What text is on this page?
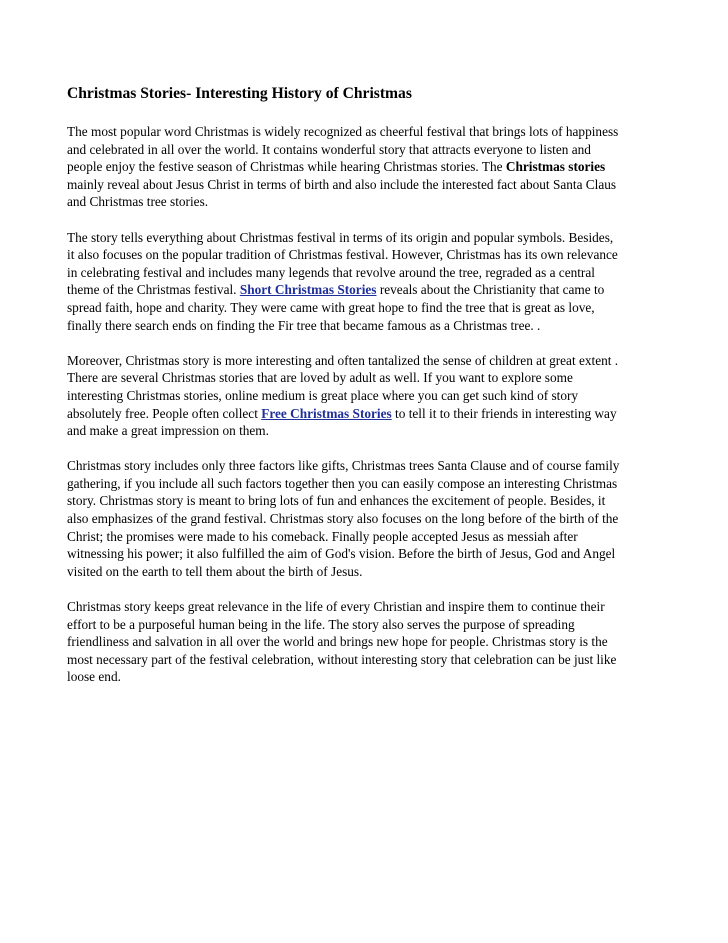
Christmas Stories- Interesting History of Christmas

The most popular word Christmas is widely recognized as cheerful festival that brings lots of happiness
and celebrated in all over the world. It contains wonderful story that attracts everyone to listen and
people enjoy the festive season of Christmas while hearing Christmas stories. The Christmas stories
mainly reveal about Jesus Christ in terms of birth and also include the interested fact about Santa Claus
and Christmas tree stories.

The story tells everything about Christmas festival in terms of its origin and popular symbols. Besides,
it also focuses on the popular tradition of Christmas festival. However, Christmas has its own relevance
in celebrating festival and includes many legends that revolve around the tree, regraded as a central
theme of the Christmas festival. Short Christmas Stories reveals about the Christianity that came to
spread faith, hope and charity. They were came with great hope to find the tree that is great as love,
finally there search ends on finding the Fir tree that became famous as a Christmas tree. .

Moreover, Christmas story is more interesting and often tantalized the sense of children at great extent .
There are several Christmas stories that are loved by adult as well. If you want to explore some
interesting Christmas stories, online medium is great place where you can get such kind of story
absolutely free. People often collect Free Christmas Stories to tell it to their friends in interesting way
and make a great impression on them.

Christmas story includes only three factors like gifts, Christmas trees Santa Clause and of course family
gathering, if you include all such factors together then you can easily compose an interesting Christmas
story. Christmas story is meant to bring lots of fun and enhances the excitement of people. Besides, it
also emphasizes of the grand festival. Christmas story also focuses on the long before of the birth of the
Christ; the promises were made to his comeback. Finally people accepted Jesus as messiah after
witnessing his power; it also fulfilled the aim of God's vision. Before the birth of Jesus, God and Angel
visited on the earth to tell them about the birth of Jesus.

Christmas story keeps great relevance in the life of every Christian and inspire them to continue their
effort to be a purposeful human being in the life. The story also serves the purpose of spreading
friendliness and salvation in all over the world and brings new hope for people. Christmas story is the
most necessary part of the festival celebration, without interesting story that celebration can be just like
loose end.
